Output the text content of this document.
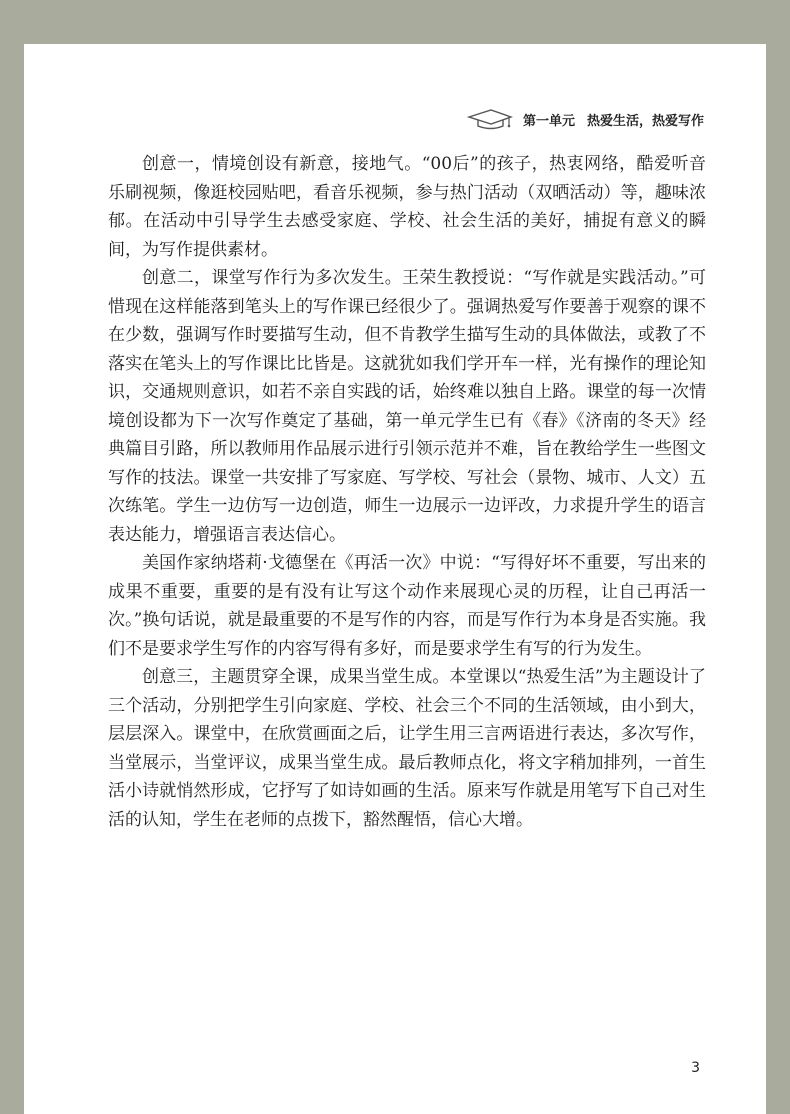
第一单元 热爱生活，热爱写作

创意一，情境创设有新意，接地气。“00后”的孩子，热衷网络，酷爱听音乐刷视频，像逛校园贴吧，看音乐视频，参与热门活动（双晒活动）等，趣味浓郁。在活动中引导学生去感受家庭、学校、社会生活的美好，捕捉有意义的瞬间，为写作提供素材。

创意二，课堂写作行为多次发生。王荣生教授说：“写作就是实践活动。”可惜现在这样能落到笔头上的写作课已经很少了。强调热爱写作要善于观察的课不在少数，强调写作时要描写生动，但不肯教学生描写生动的具体做法，或教了不落实在笔头上的写作课比比皆是。这就犹如我们学开车一样，光有操作的理论知识，交通规则意识，如若不亲自实践的话，始终难以独自上路。课堂的每一次情境创设都为下一次写作奠定了基础，第一单元学生已有《春》《济南的冬天》经典篇目引路，所以教师用作品展示进行引领示范并不难，旨在教给学生一些图文写作的技法。课堂一共安排了写家庭、写学校、写社会（景物、城市、人文）五次练笔。学生一边仿写一边创造，师生一边展示一边评改，力求提升学生的语言表达能力，增强语言表达信心。

美国作家纳塔莉·戈德堡在《再活一次》中说：“写得好坏不重要，写出来的成果不重要，重要的是有没有让写这个动作来展现心灵的历程，让自己再活一次。”换句话说，就是最重要的不是写作的内容，而是写作行为本身是否实施。我们不是要求学生写作的内容写得有多好，而是要求学生有写的行为发生。

创意三，主题贯穿全课，成果当堂生成。本堂课以“热爱生活”为主题设计了三个活动，分别把学生引向家庭、学校、社会三个不同的生活领域，由小到大，层层深入。课堂中，在欣赏画面之后，让学生用三言两语进行表达，多次写作，当堂展示，当堂评议，成果当堂生成。最后教师点化，将文字稍加排列，一首生活小诗就悄然形成，它抒写了如诗如画的生活。原来写作就是用笔写下自己对生活的认知，学生在老师的点拨下，豁然醒悟，信心大增。

3
